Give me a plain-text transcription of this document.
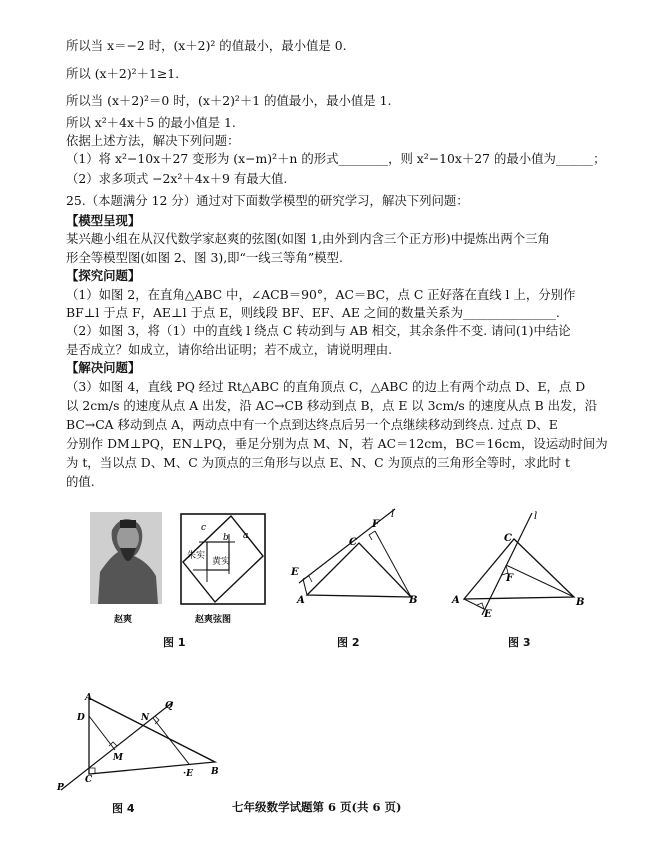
所以当 x＝−2 时，(x＋2)² 的值最小，最小值是 0.
所以 (x＋2)²＋1≥1.
所以当 (x＋2)²＝0 时，(x＋2)²＋1 的值最小，最小值是 1.
所以 x²＋4x＋5 的最小值是 1.
依据上述方法，解决下列问题：
（1）将 x²−10x＋27 变形为 (x−m)²＋n 的形式________，则 x²−10x＋27 的最小值为______；
（2）求多项式 −2x²＋4x＋9 有最大值.
25.（本题满分 12 分）通过对下面数学模型的研究学习，解决下列问题：
【模型呈现】
某兴趣小组在从汉代数学家赵爽的弦图(如图 1,由外到内含三个正方形)中提炼出两个三角
形全等模型图(如图 2、图 3),即“一线三等角”模型.
【探究问题】
（1）如图 2，在直角△ABC 中，∠ACB＝90°，AC＝BC，点 C 正好落在直线 l 上，分别作
BF⊥l 于点 F，AE⊥l 于点 E，则线段 BF、EF、AE 之间的数量关系为_______________.
（2）如图 3，将（1）中的直线 l 绕点 C 转动到与 AB 相交，其余条件不变. 请问(1)中结论
是否成立？如成立，请你给出证明；若不成立，请说明理由.
【解决问题】
（3）如图 4，直线 PQ 经过 Rt△ABC 的直角顶点 C，△ABC 的边上有两个动点 D、E，点 D
以 2cm/s 的速度从点 A 出发，沿 AC→CB 移动到点 B，点 E 以 3cm/s 的速度从点 B 出发，沿
BC→CA 移动到点 A，两动点中有一个点到达终点后另一个点继续移动到终点. 过点 D、E
分别作 DM⊥PQ，EN⊥PQ，垂足分别为点 M、N，若 AC＝12cm，BC＝16cm，设运动时间为
为 t，当以点 D、M、C 为顶点的三角形与以点 E、N、C 为顶点的三角形全等时，求此时 t
的值.
赵爽
c
b a
朱实
黄实
赵爽弦图
图 1
l
F
C
E
A	B
图 2
l
C
F
A
E
B
图 3
A
D	N
Q
M
C
·E B
P
图 4	七年级数学试题第 6 页(共 6 页)
